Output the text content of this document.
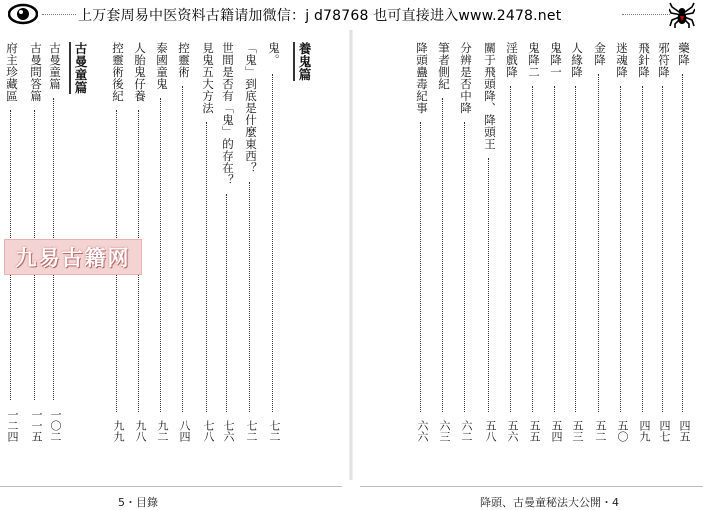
上万套周易中医资料古籍请加微信：j d78768 也可直接进入www.2478.net
鬼。
七二
養鬼篇
「鬼」到底是什麼東西？
七二
世間是否有「鬼」的存在？
七六
見鬼五大方法
七八
控靈術
八四
泰國童鬼
九二
人胎鬼仔養
九八
控靈術後紀
九九
古曼童篇
古曼童篇
一〇二
古曼問答篇
一一五
府主珍藏區
一二四
藥降
四五
邪符降
四七
飛針降
四九
迷魂降
五〇
金降
五二
人緣降
五三
鬼降一
五四
鬼降二
五五
淫戲降
五六
關于飛頭降、降頭王
五八
分辨是否中降
六二
筆者側紀
六三
降頭蠱毒紀事
六六
九易古籍网
5・目錄	降頭、古曼童秘法大公開・4
